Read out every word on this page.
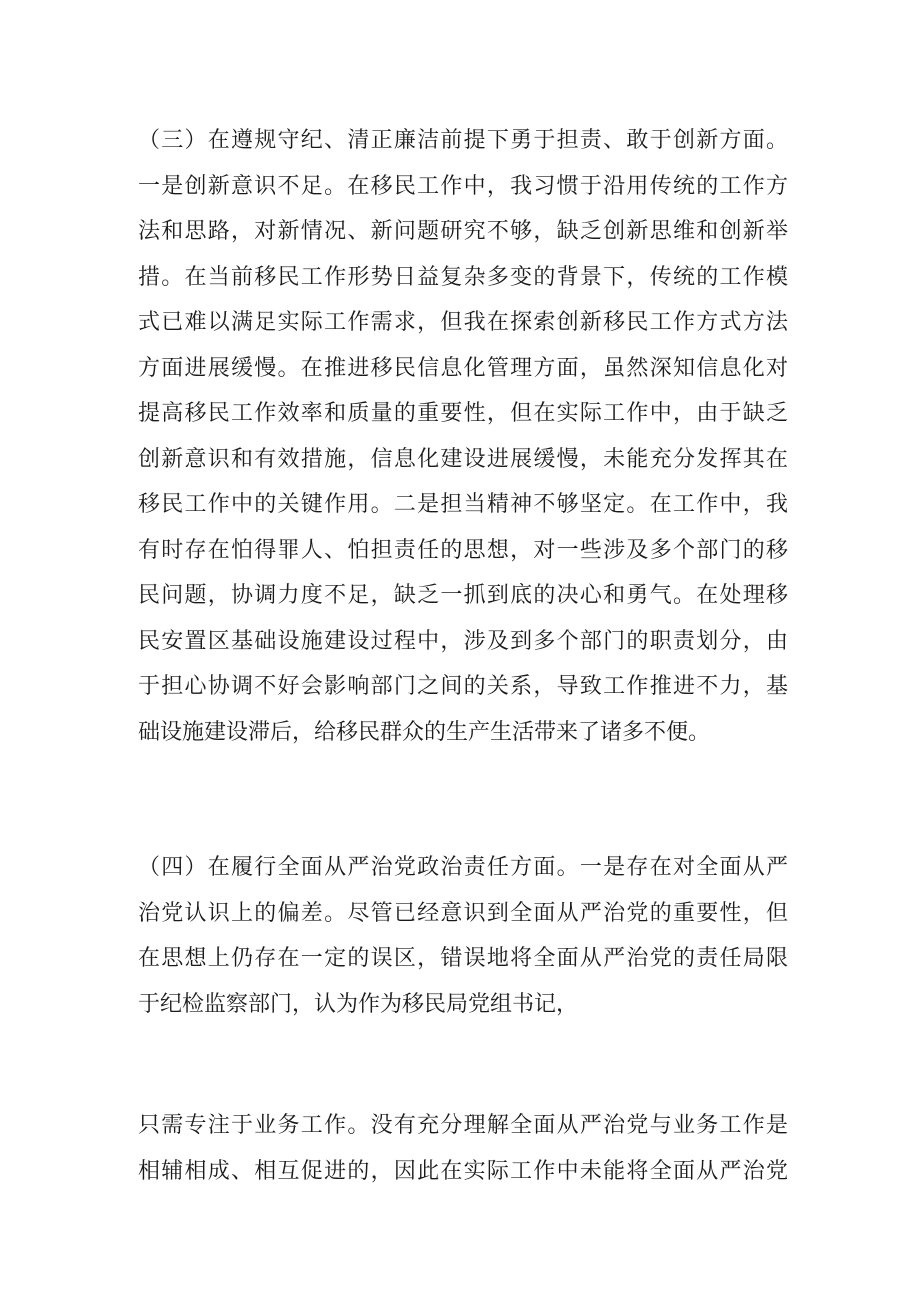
（三）在遵规守纪、清正廉洁前提下勇于担责、敢于创新方面。
一是创新意识不足。在移民工作中，我习惯于沿用传统的工作方
法和思路，对新情况、新问题研究不够，缺乏创新思维和创新举
措。在当前移民工作形势日益复杂多变的背景下，传统的工作模
式已难以满足实际工作需求，但我在探索创新移民工作方式方法
方面进展缓慢。在推进移民信息化管理方面，虽然深知信息化对
提高移民工作效率和质量的重要性，但在实际工作中，由于缺乏
创新意识和有效措施，信息化建设进展缓慢，未能充分发挥其在
移民工作中的关键作用。二是担当精神不够坚定。在工作中，我
有时存在怕得罪人、怕担责任的思想，对一些涉及多个部门的移
民问题，协调力度不足，缺乏一抓到底的决心和勇气。在处理移
民安置区基础设施建设过程中，涉及到多个部门的职责划分，由
于担心协调不好会影响部门之间的关系，导致工作推进不力，基
础设施建设滞后，给移民群众的生产生活带来了诸多不便。
（四）在履行全面从严治党政治责任方面。一是存在对全面从严
治党认识上的偏差。尽管已经意识到全面从严治党的重要性，但
在思想上仍存在一定的误区，错误地将全面从严治党的责任局限
于纪检监察部门，认为作为移民局党组书记，
只需专注于业务工作。没有充分理解全面从严治党与业务工作是
相辅相成、相互促进的，因此在实际工作中未能将全面从严治党
